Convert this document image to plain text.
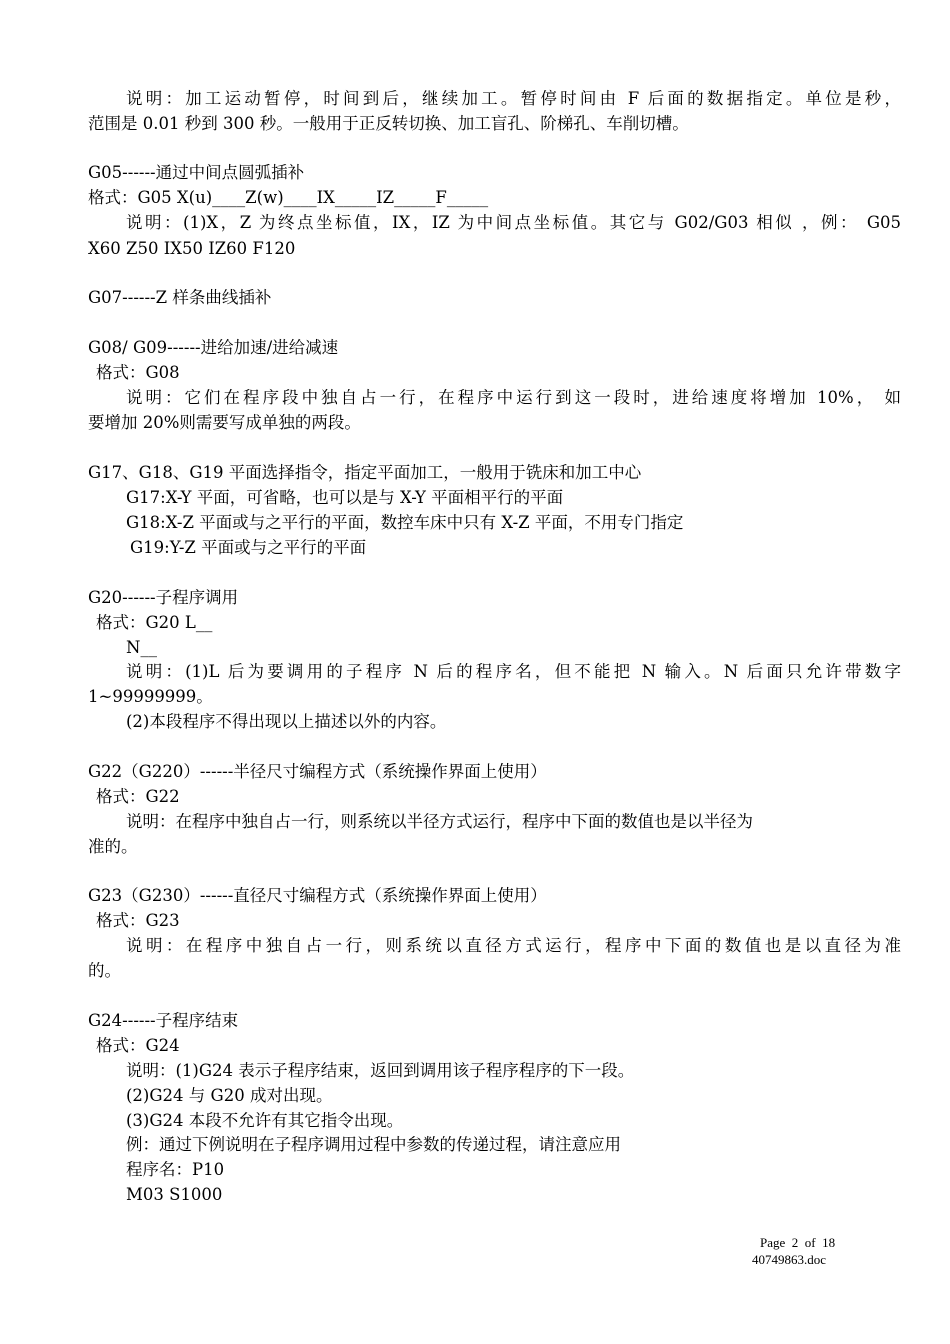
说明：加工运动暂停，时间到后，继续加工。暂停时间由 F 后面的数据指定。单位是秒，
范围是 0.01 秒到 300 秒。一般用于正反转切换、加工盲孔、阶梯孔、车削切槽。
G05------通过中间点圆弧插补
格式：G05 X(u)____Z(w)____IX_____IZ_____F_____
说明：(1)X，Z 为终点坐标值，IX，IZ 为中间点坐标值。其它与 G02/G03 相似 ，例： G05
X60 Z50 IX50 IZ60 F120
G07------Z 样条曲线插补
G08/ G09------进给加速/进给减速
格式：G08
说明：它们在程序段中独自占一行，在程序中运行到这一段时，进给速度将增加 10%， 如
要增加 20%则需要写成单独的两段。
G17、G18、G19 平面选择指令，指定平面加工，一般用于铣床和加工中心
G17:X-Y 平面，可省略，也可以是与 X-Y 平面相平行的平面
G18:X-Z 平面或与之平行的平面，数控车床中只有 X-Z 平面，不用专门指定
G19:Y-Z 平面或与之平行的平面
G20------子程序调用
格式：G20 L__
N__
说明：(1)L 后为要调用的子程序 N 后的程序名，但不能把 N 输入。N 后面只允许带数字
1~99999999。
(2)本段程序不得出现以上描述以外的内容。
G22（G220）------半径尺寸编程方式（系统操作界面上使用）
格式：G22
说明：在程序中独自占一行，则系统以半径方式运行，程序中下面的数值也是以半径为
准的。
G23（G230）------直径尺寸编程方式（系统操作界面上使用）
格式：G23
说明：在程序中独自占一行，则系统以直径方式运行，程序中下面的数值也是以直径为准
的。
G24------子程序结束
格式：G24
说明：(1)G24 表示子程序结束，返回到调用该子程序程序的下一段。
(2)G24 与 G20 成对出现。
(3)G24 本段不允许有其它指令出现。
例：通过下例说明在子程序调用过程中参数的传递过程，请注意应用
程序名：P10
M03 S1000
Page  2  of  18
40749863.doc
